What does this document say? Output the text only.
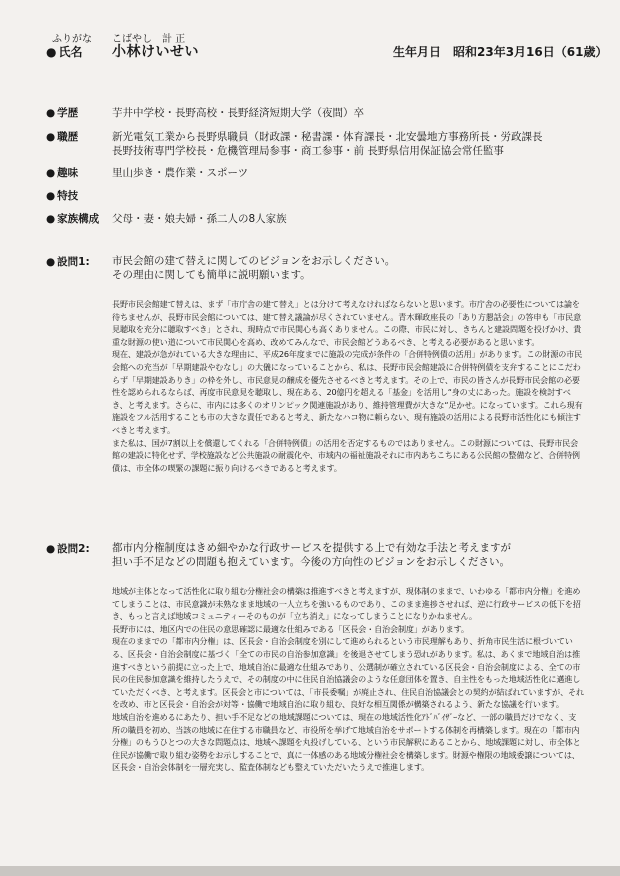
ふりがな こばやし　計 正
● 氏名 小林けいせい	生年月日　昭和23年3月16日（61歳）
● 学歴	芋井中学校・長野高校・長野経済短期大学（夜間）卒
● 職歴	新光電気工業から長野県職員（財政課・秘書課・体育課長・北安曇地方事務所長・労政課長
長野技術専門学校長・危機管理局参事・商工参事・前 長野県信用保証協会常任監事
● 趣味	里山歩き・農作業・スポーツ
● 特技
● 家族構成 父母・妻・娘夫婦・孫二人の8人家族
● 設問1: 市民会館の建て替えに関してのビジョンをお示しください。
その理由に関しても簡単に説明願います。

長野市民会館建て替えは、まず「市庁舎の建て替え」とは分けて考えなければならないと思います。市庁舎の必要性については論を待ちませんが、長野市民会館については、建て替え議論が尽くされていません。青木輝政座長の「あり方懇話会」の答申も「市民意見聴取を充分に聴取すべき」とされ、現時点で市民関心も高くありません。この際、市民に対し、きちんと建設問題を投げかけ、貴重な財源の使い道について市民関心を高め、改めてみんなで、市民会館どうあるべき、と考える必要があると思います。

現在、建設が急がれている大きな理由に、平成26年度までに施設の完成が条件の「合併特例債の活用」があります。この財源の市民会館への充当が「早期建設やむなし」の大儀になっていることから、私は、長野市民会館建設に合併特例債を支弁することにこだわらず「早期建設ありき」の枠を外し、市民意見の醸成を優先させるべきと考えます。その上で、市民の皆さんが長野市民会館の必要性を認められるならば、再度市民意見を聴取し、現在ある、20億円を超える「基金」を活用し“身の丈にあった。施設を検討すべき、と考えます。さらに、市内には多くのオリンピック関連施設があり、維持管理費が大きな“足かせ。になっています。これら現有施設をフル活用することも市の大きな責任であると考え、新たなハコ物に頼らない、現有施設の活用による長野市活性化にも傾注すべきと考えます。

また私は、国が7割以上を償還してくれる「合併特例債」の活用を否定するものではありません。この財源については、長野市民会館の建設に特化せず、学校施設など公共施設の耐震化や、市域内の福祉施設それに市内あちこちにある公民館の整備など、合併特例債は、市全体の喫緊の課題に振り向けるべきであると考えます。

● 設問2: 都市内分権制度はきめ細やかな行政サービスを提供する上で有効な手法と考えますが
担い手不足などの問題も抱えています。今後の方向性のビジョンをお示しください。

地域が主体となって活性化に取り組む分権社会の構築は推進すべきと考えますが、現体制のままで、いわゆる「都市内分権」を進めてしまうことは、市民意識が未熟なまま地域の一人立ちを強いるものであり、このまま進捗させれば、逆に行政サービスの低下を招き、もっと言えば地域コミュニティーそのものが「立ち消え」になってしまうことになりかねません。

長野市には、地区内での住民の意思確認に最適な仕組みである「区長会・自治会制度」があります。

現在のままでの「都市内分権」は、区長会・自治会制度を別にして進められるという市民理解もあり、折角市民生活に根づいている、区長会・自治会制度に基づく「全ての市民の自治参加意識」を後退させてしまう恐れがあります。私は、あくまで地域自治は推進すべきという前提に立った上で、地域自治に最適な仕組みであり、公選制が確立されている区長会・自治会制度による、全ての市民の住民参加意識を維持したうえで、その制度の中に住民自治協議会のような任意団体を置き、自主性をもった地域活性化に邁進していただくべき、と考えます。区長会と市については、「市長委嘱」が廃止され、住民自治協議会との契約が結ばれていますが、それを改め、市と区長会・自治会が対等・協働で地域自治に取り組む、良好な相互関係が構築されるよう、新たな協議を行います。

地域自治を進めるにあたり、担い手不足などの地域課題については、現在の地域活性化ｱﾄﾞﾊﾞｲｻﾞｰなど、一部の職員だけでなく、支所の職員を初め、当該の地域に在住する市職員など、市役所を挙げて地域自治をサポートする体制を再構築します。現在の「都市内分権」のもうひとつの大きな問題点は、地域へ課題を丸投げしている、という市民解釈にあることから、地域課題に対し、市全体と住民が協働で取り組む姿勢をお示しすることで、真に一体感のある地域分権社会を構築します。財源や権限の地域委譲については、区長会・自治会体制を一層充実し、監査体制なども整えていただいたうえで推進します。
